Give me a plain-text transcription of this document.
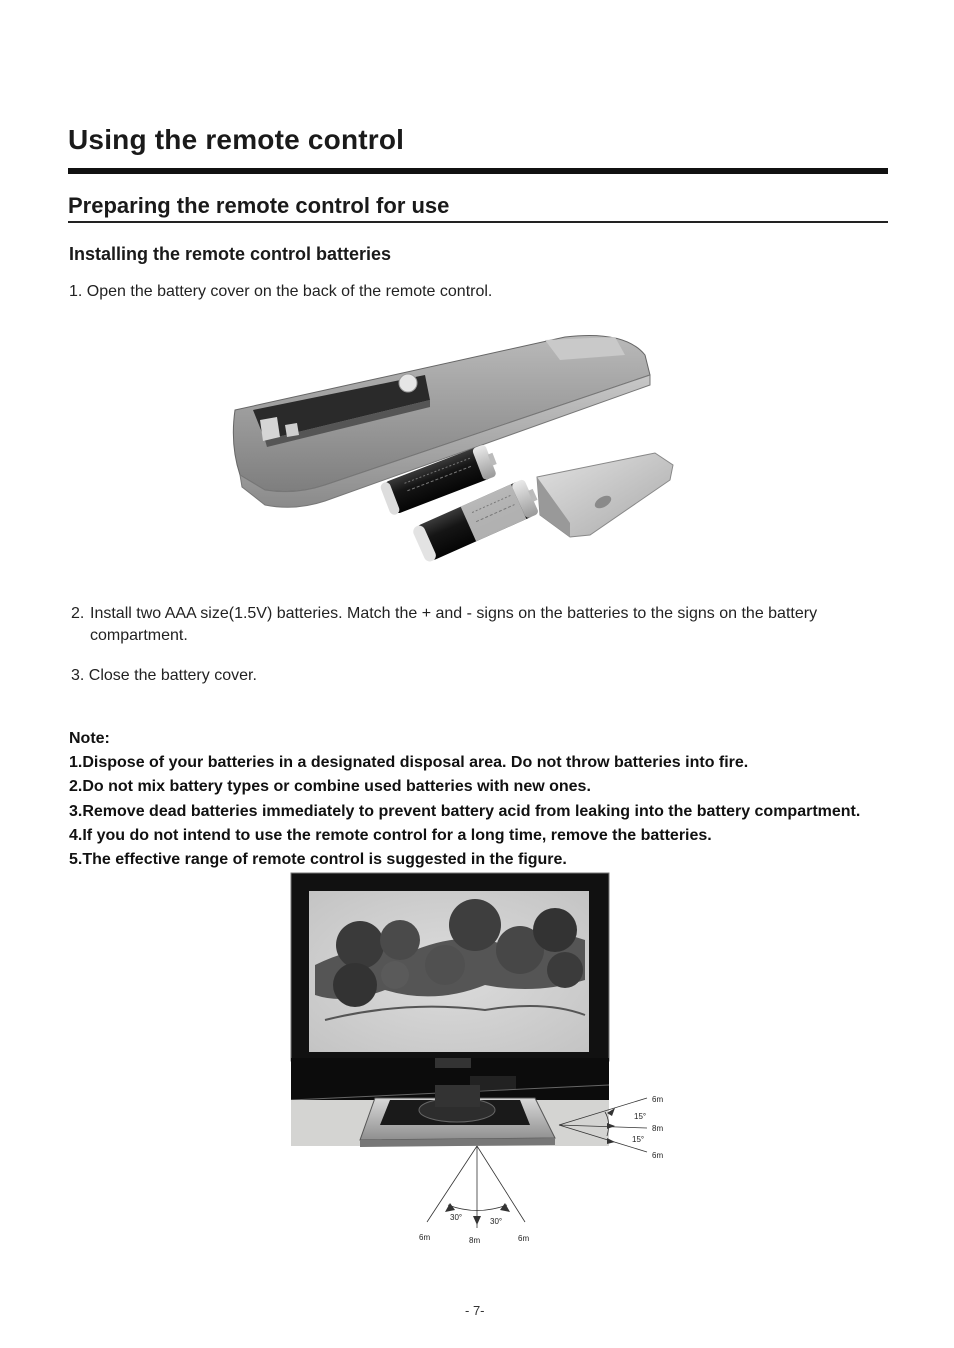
Using the remote control
Preparing the remote control for use
Installing the remote control batteries
1. Open the battery cover on the back of the remote control.
2. Install two AAA size(1.5V) batteries. Match the + and - signs on the batteries to the signs on the battery
compartment.
3. Close the battery cover.
Note:
1.Dispose of your batteries in a designated disposal area. Do not throw batteries into fire.
2.Do not mix battery types or combine used batteries with new ones.
3.Remove dead batteries immediately to prevent battery acid from leaking into the battery compartment.
4.If you do not intend to use the remote control for a long time, remove the batteries.
5.The effective range of remote control is suggested in the figure.
6m
15°
8m
15°
6m
6m
30°
8m
30°
6m
- 7-
